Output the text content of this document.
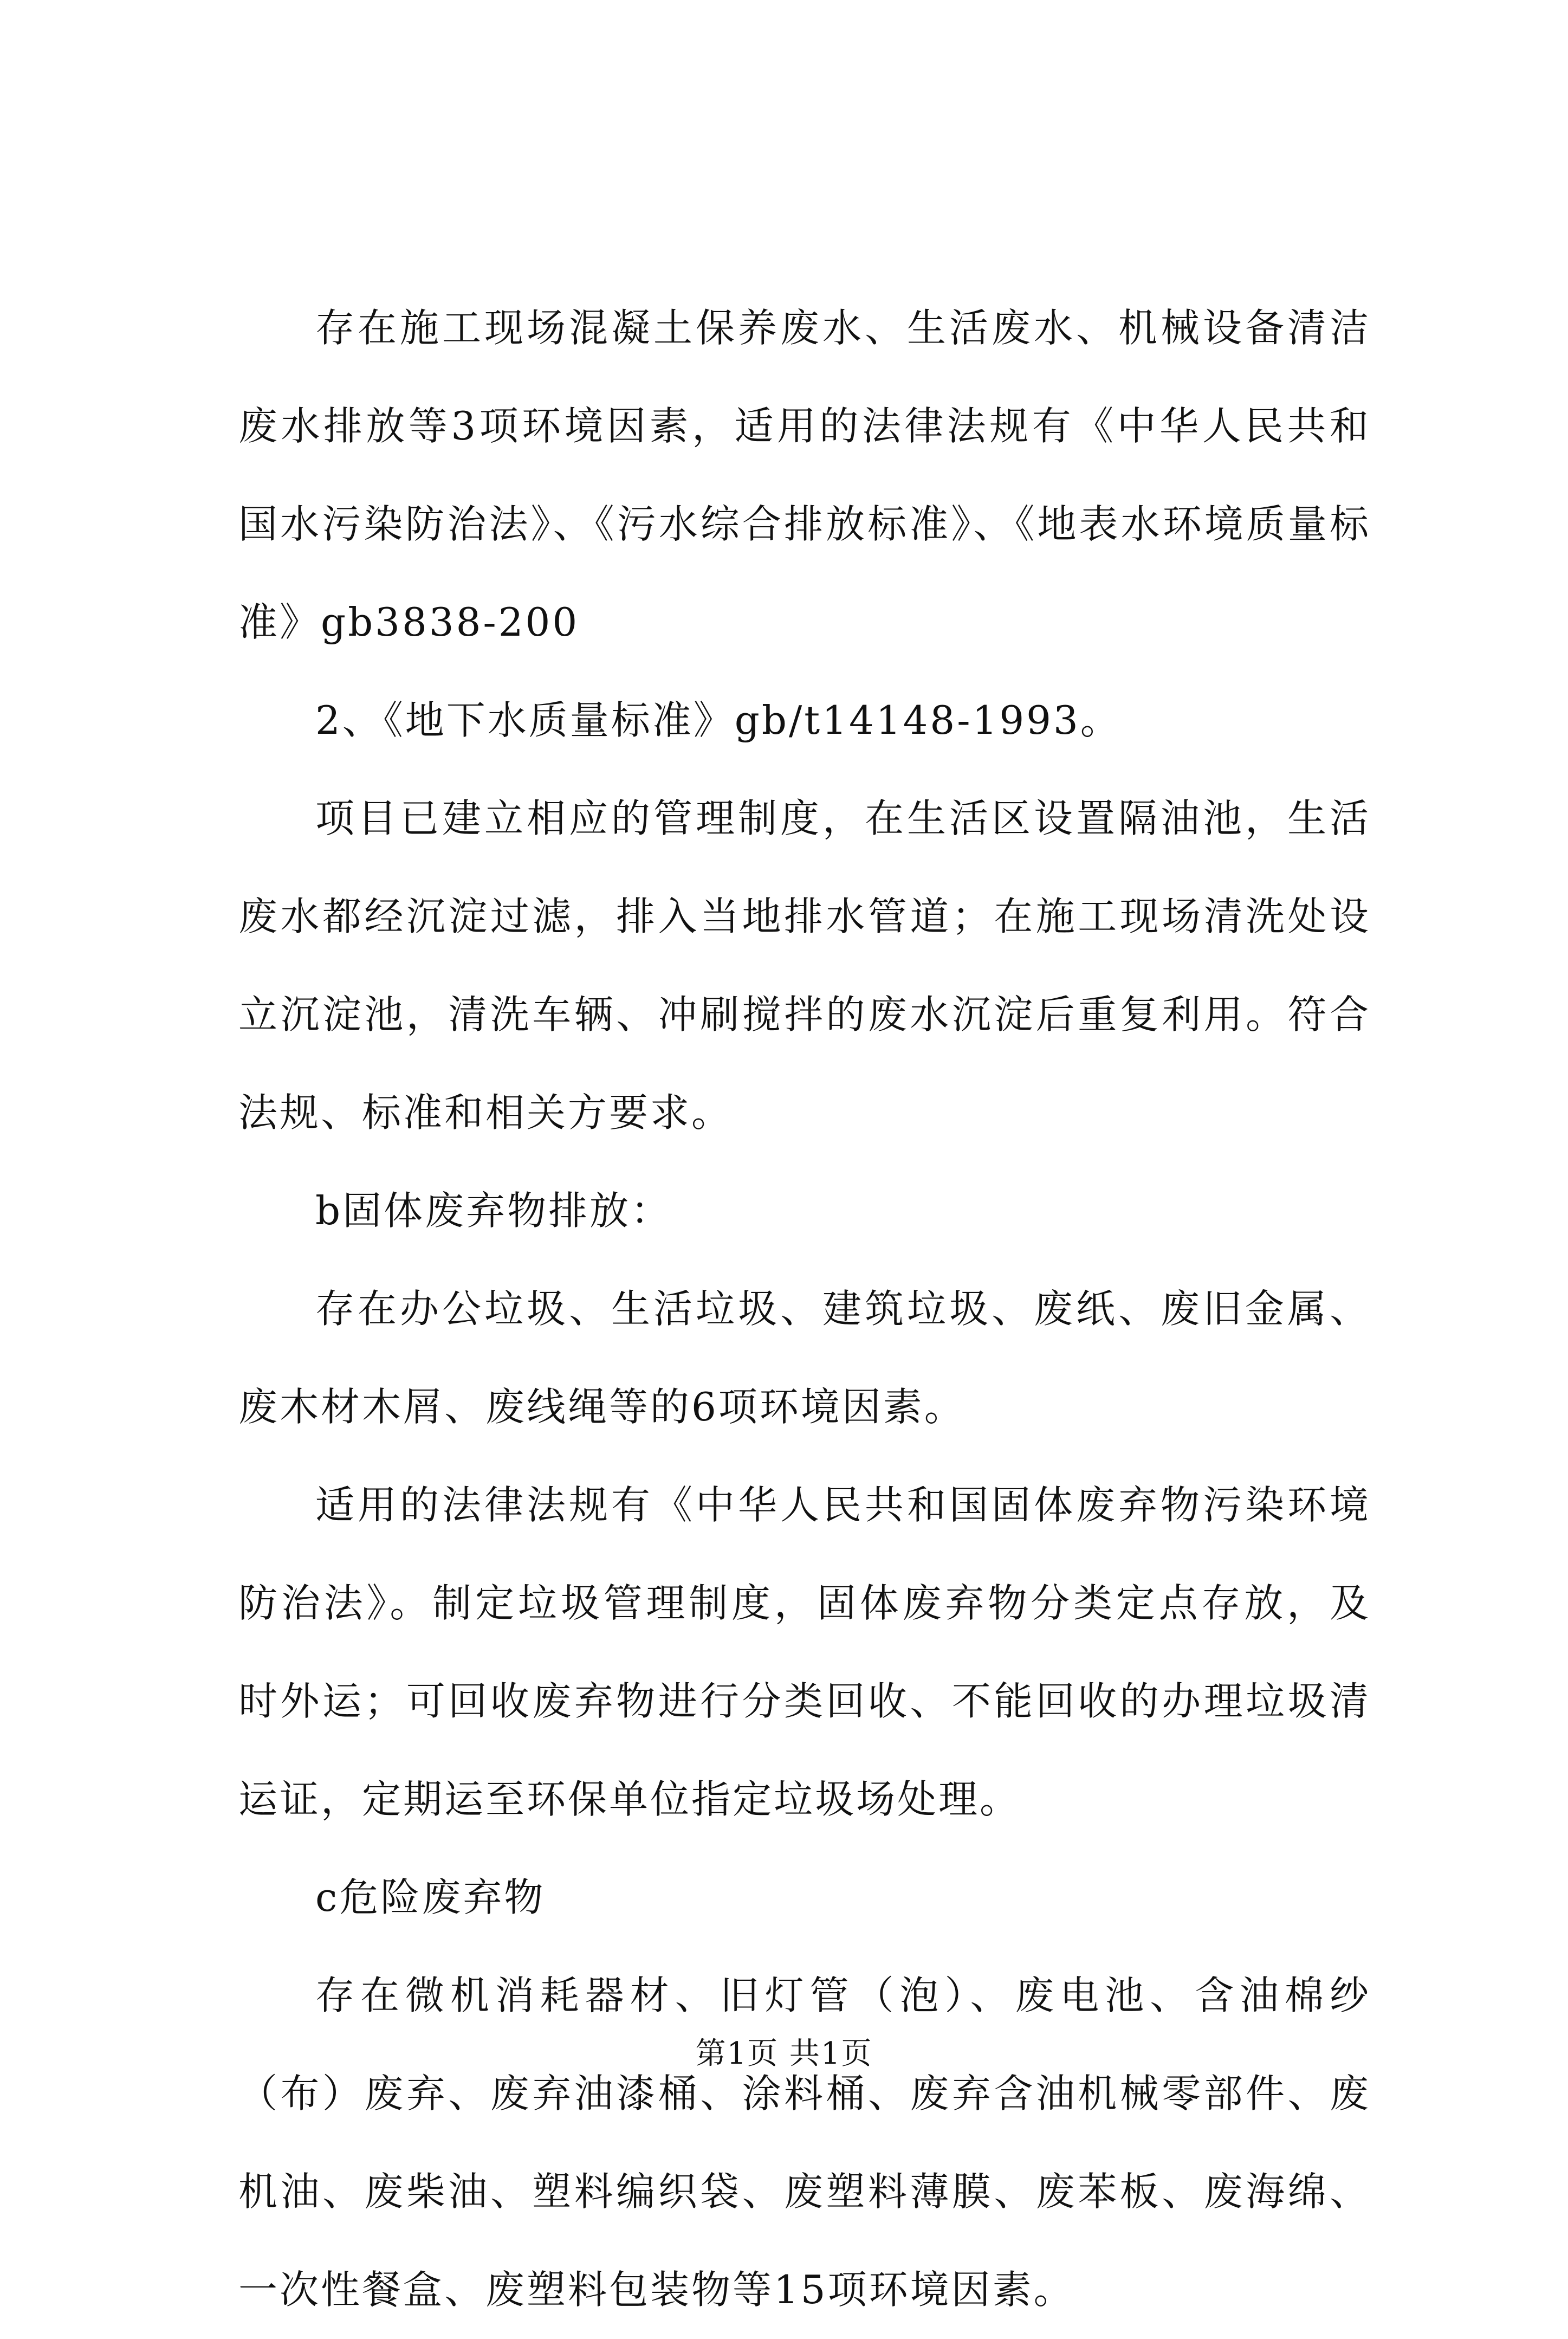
存在施工现场混凝土保养废水、生活废水、机械设备清洁废水排放等3项环境因素，适用的法律法规有《中华人民共和国水污染防治法》、《污水综合排放标准》、《地表水环境质量标准》gb3838-200

2、《地下水质量标准》gb/t14148-1993。

项目已建立相应的管理制度，在生活区设置隔油池，生活废水都经沉淀过滤，排入当地排水管道；在施工现场清洗处设立沉淀池，清洗车辆、冲刷搅拌的废水沉淀后重复利用。符合法规、标准和相关方要求。

b固体废弃物排放：

存在办公垃圾、生活垃圾、建筑垃圾、废纸、废旧金属、废木材木屑、废线绳等的6项环境因素。

适用的法律法规有《中华人民共和国固体废弃物污染环境防治法》。制定垃圾管理制度，固体废弃物分类定点存放，及时外运；可回收废弃物进行分类回收、不能回收的办理垃圾清运证，定期运至环保单位指定垃圾场处理。

c危险废弃物

存在微机消耗器材、旧灯管（泡）、废电池、含油棉纱（布）废弃、废弃油漆桶、涂料桶、废弃含油机械零部件、废机油、废柴油、塑料编织袋、废塑料薄膜、废苯板、废海绵、一次性餐盒、废塑料包装物等15项环境因素。

第1页 共1页
